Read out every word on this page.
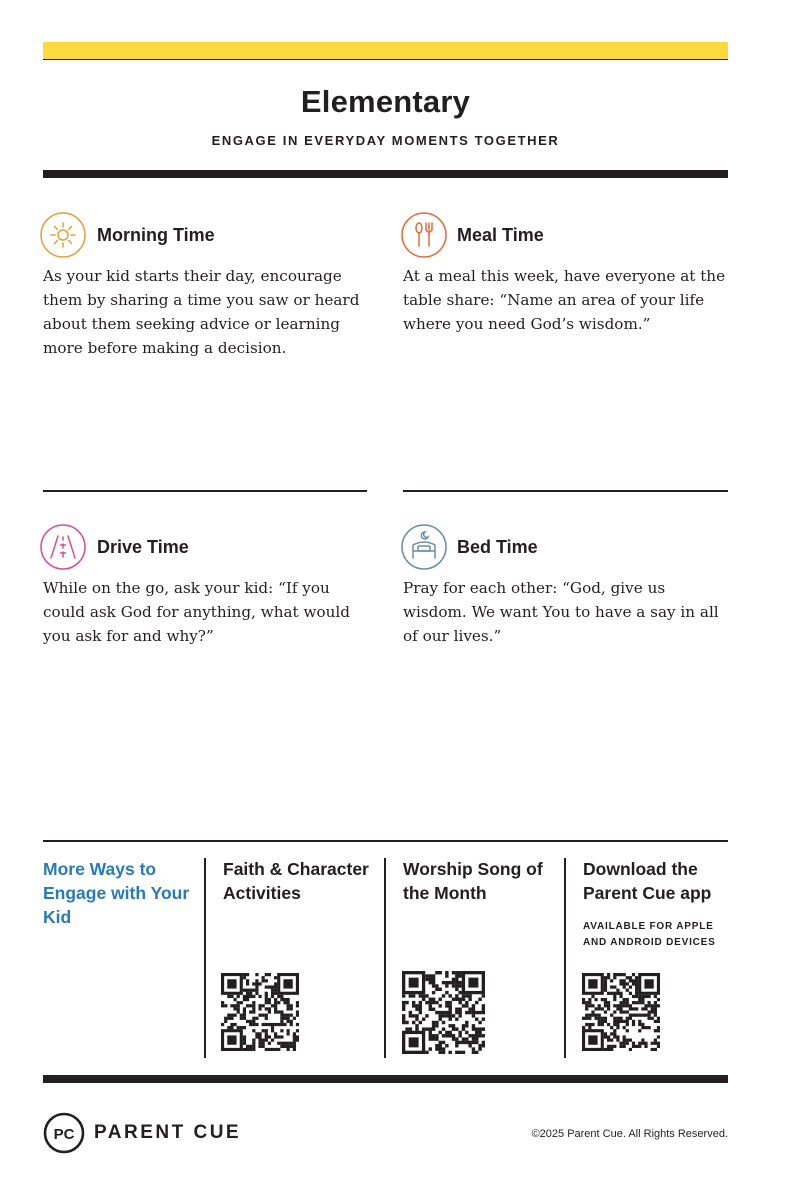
Elementary
ENGAGE IN EVERYDAY MOMENTS TOGETHER
Morning Time
As your kid starts their day, encourage them by sharing a time you saw or heard about them seeking advice or learning more before making a decision.
Meal Time
At a meal this week, have everyone at the table share: “Name an area of your life where you need God’s wisdom.”
Drive Time
While on the go, ask your kid: “If you could ask God for anything, what would you ask for and why?”
Bed Time
Pray for each other: “God, give us wisdom. We want You to have a say in all of our lives.”
More Ways to Engage with Your Kid
Faith & Character Activities
Worship Song of the Month
Download the Parent Cue app
AVAILABLE FOR APPLE
AND ANDROID DEVICES
PC PARENT CUE	©2025 Parent Cue. All Rights Reserved.
